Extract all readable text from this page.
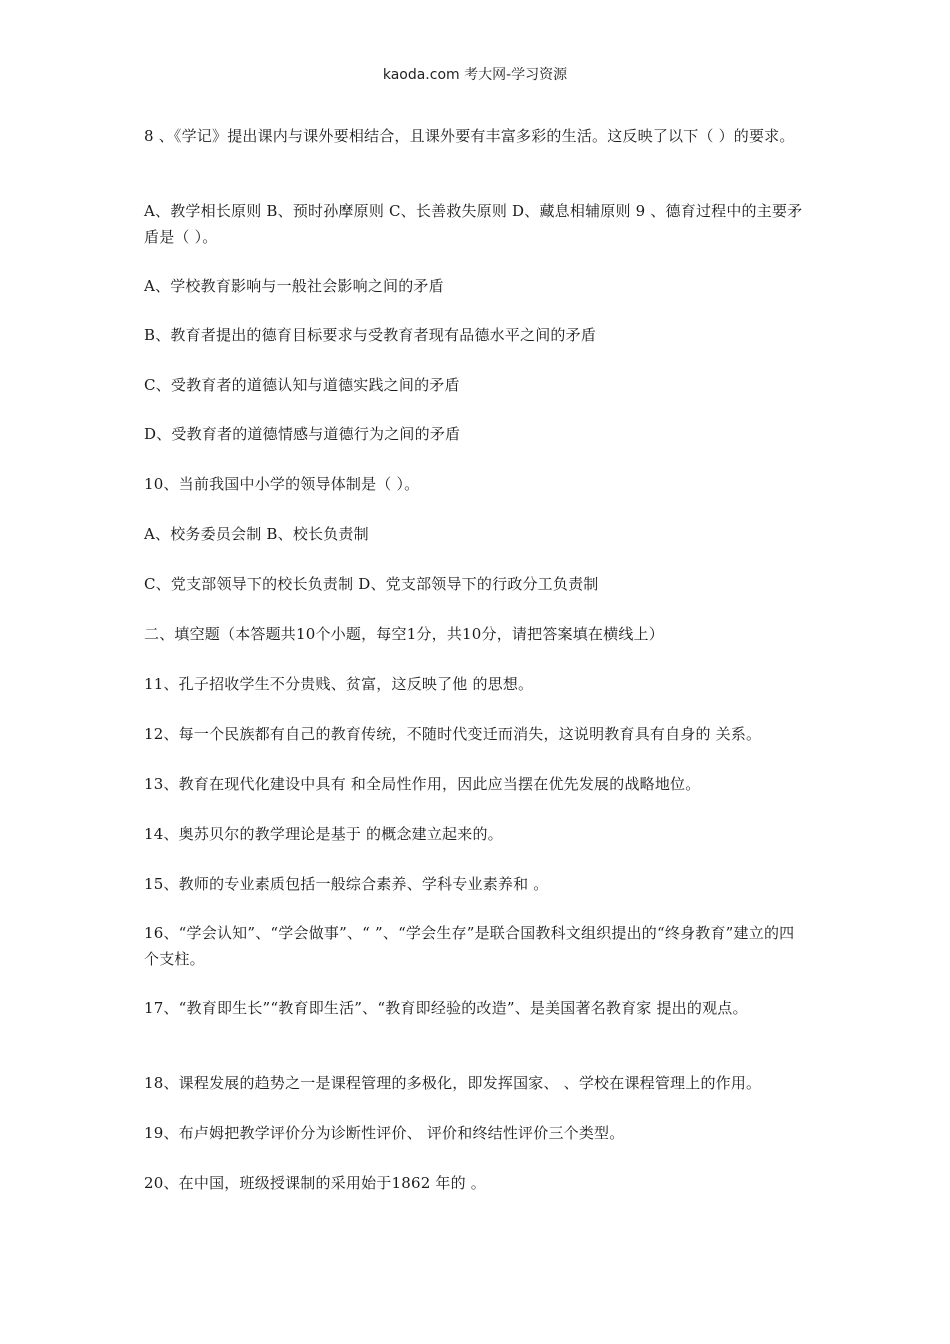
kaoda.com 考大网-学习资源

8 、《学记》提出课内与课外要相结合，且课外要有丰富多彩的生活。这反映了以下（ ）的要求。

A、教学相长原则 B、预时孙摩原则 C、长善救失原则 D、藏息相辅原则 9 、德育过程中的主要矛盾是（ ）。

A、学校教育影响与一般社会影响之间的矛盾

B、教育者提出的德育目标要求与受教育者现有品德水平之间的矛盾

C、受教育者的道德认知与道德实践之间的矛盾

D、受教育者的道德情感与道德行为之间的矛盾

10、当前我国中小学的领导体制是（ ）。

A、校务委员会制 B、校长负责制

C、党支部领导下的校长负责制 D、党支部领导下的行政分工负责制

二、填空题（本答题共10个小题，每空1分，共10分，请把答案填在横线上）

11、孔子招收学生不分贵贱、贫富，这反映了他 的思想。

12、每一个民族都有自己的教育传统，不随时代变迁而消失，这说明教育具有自身的 关系。

13、教育在现代化建设中具有 和全局性作用，因此应当摆在优先发展的战略地位。

14、奥苏贝尔的教学理论是基于 的概念建立起来的。

15、教师的专业素质包括一般综合素养、学科专业素养和 。

16、“学会认知”、“学会做事”、“ ”、“学会生存”是联合国教科文组织提出的“终身教育”建立的四个支柱。

17、“教育即生长”“教育即生活”、“教育即经验的改造”、是美国著名教育家 提出的观点。

18、课程发展的趋势之一是课程管理的多极化，即发挥国家、 、学校在课程管理上的作用。

19、布卢姆把教学评价分为诊断性评价、 评价和终结性评价三个类型。

20、在中国，班级授课制的采用始于1862 年的 。
